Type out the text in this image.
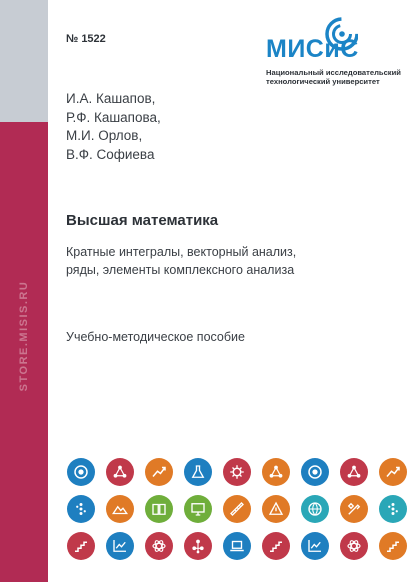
STORE.MISIS.RU
№ 1522	МИСиС
Национальный исследовательский
технологический университет
И.А. Кашапов,
Р.Ф. Кашапова,
М.И. Орлов,
В.Ф. Софиева
Высшая математика
Кратные интегралы, векторный анализ,
ряды, элементы комплексного анализа
Учебно-методическое пособие
